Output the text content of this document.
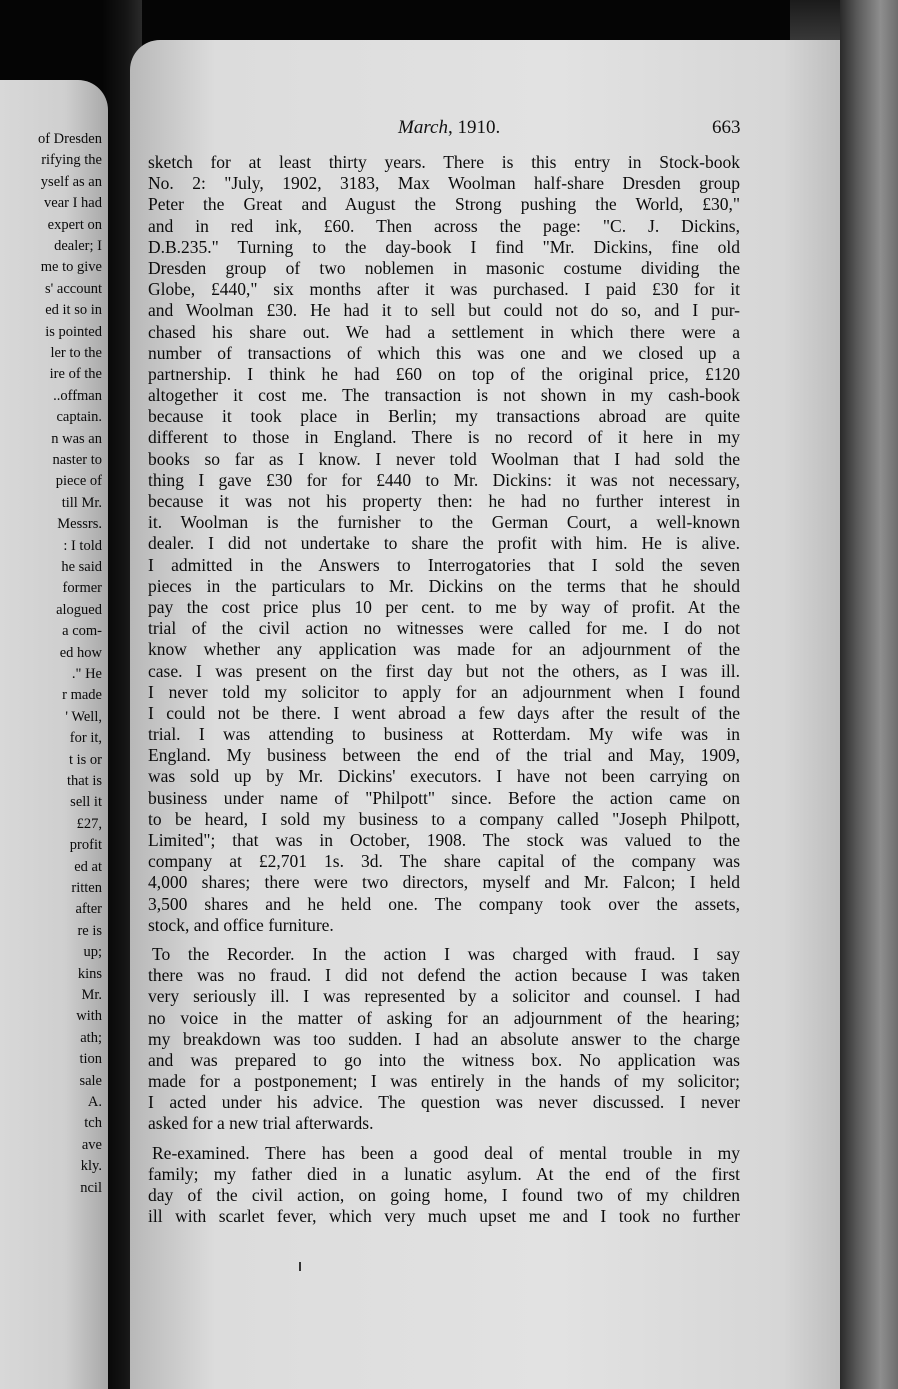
of Dresden
rifying the
yself as an
vear I had
expert on
dealer; I
me to give
s' account
ed it so in
is pointed
ler to the
ire of the
..offman
captain.
n was an
naster to
piece of
till Mr.
Messrs.
: I told
he said
former
alogued
a com-
ed how
." He
r made
' Well,
for it,
t is or
that is
sell it
£27,
profit
ed at
ritten
after
re is
up;
kins
Mr.
with
ath;
tion
sale
A.
tch
ave
kly.
ncil
March, 1910.	663
sketch for at least thirty years. There is this entry in Stock-book
No. 2: "July, 1902, 3183, Max Woolman half-share Dresden group
Peter the Great and August the Strong pushing the World, £30,"
and in red ink, £60. Then across the page: "C. J. Dickins,
D.B.235." Turning to the day-book I find "Mr. Dickins, fine old
Dresden group of two noblemen in masonic costume dividing the
Globe, £440," six months after it was purchased. I paid £30 for it
and Woolman £30. He had it to sell but could not do so, and I pur-
chased his share out. We had a settlement in which there were a
number of transactions of which this was one and we closed up a
partnership. I think he had £60 on top of the original price, £120
altogether it cost me. The transaction is not shown in my cash-book
because it took place in Berlin; my transactions abroad are quite
different to those in England. There is no record of it here in my
books so far as I know. I never told Woolman that I had sold the
thing I gave £30 for for £440 to Mr. Dickins: it was not necessary,
because it was not his property then: he had no further interest in
it. Woolman is the furnisher to the German Court, a well-known
dealer. I did not undertake to share the profit with him. He is alive.
I admitted in the Answers to Interrogatories that I sold the seven
pieces in the particulars to Mr. Dickins on the terms that he should
pay the cost price plus 10 per cent. to me by way of profit. At the
trial of the civil action no witnesses were called for me. I do not
know whether any application was made for an adjournment of the
case. I was present on the first day but not the others, as I was ill.
I never told my solicitor to apply for an adjournment when I found
I could not be there. I went abroad a few days after the result of the
trial. I was attending to business at Rotterdam. My wife was in
England. My business between the end of the trial and May, 1909,
was sold up by Mr. Dickins' executors. I have not been carrying on
business under name of "Philpott" since. Before the action came on
to be heard, I sold my business to a company called "Joseph Philpott,
Limited"; that was in October, 1908. The stock was valued to the
company at £2,701 1s. 3d. The share capital of the company was
4,000 shares; there were two directors, myself and Mr. Falcon; I held
3,500 shares and he held one. The company took over the assets,
stock, and office furniture.
To the Recorder. In the action I was charged with fraud. I say
there was no fraud. I did not defend the action because I was taken
very seriously ill. I was represented by a solicitor and counsel. I had
no voice in the matter of asking for an adjournment of the hearing;
my breakdown was too sudden. I had an absolute answer to the charge
and was prepared to go into the witness box. No application was
made for a postponement; I was entirely in the hands of my solicitor;
I acted under his advice. The question was never discussed. I never
asked for a new trial afterwards.
Re-examined. There has been a good deal of mental trouble in my
family; my father died in a lunatic asylum. At the end of the first
day of the civil action, on going home, I found two of my children
ill with scarlet fever, which very much upset me and I took no further
